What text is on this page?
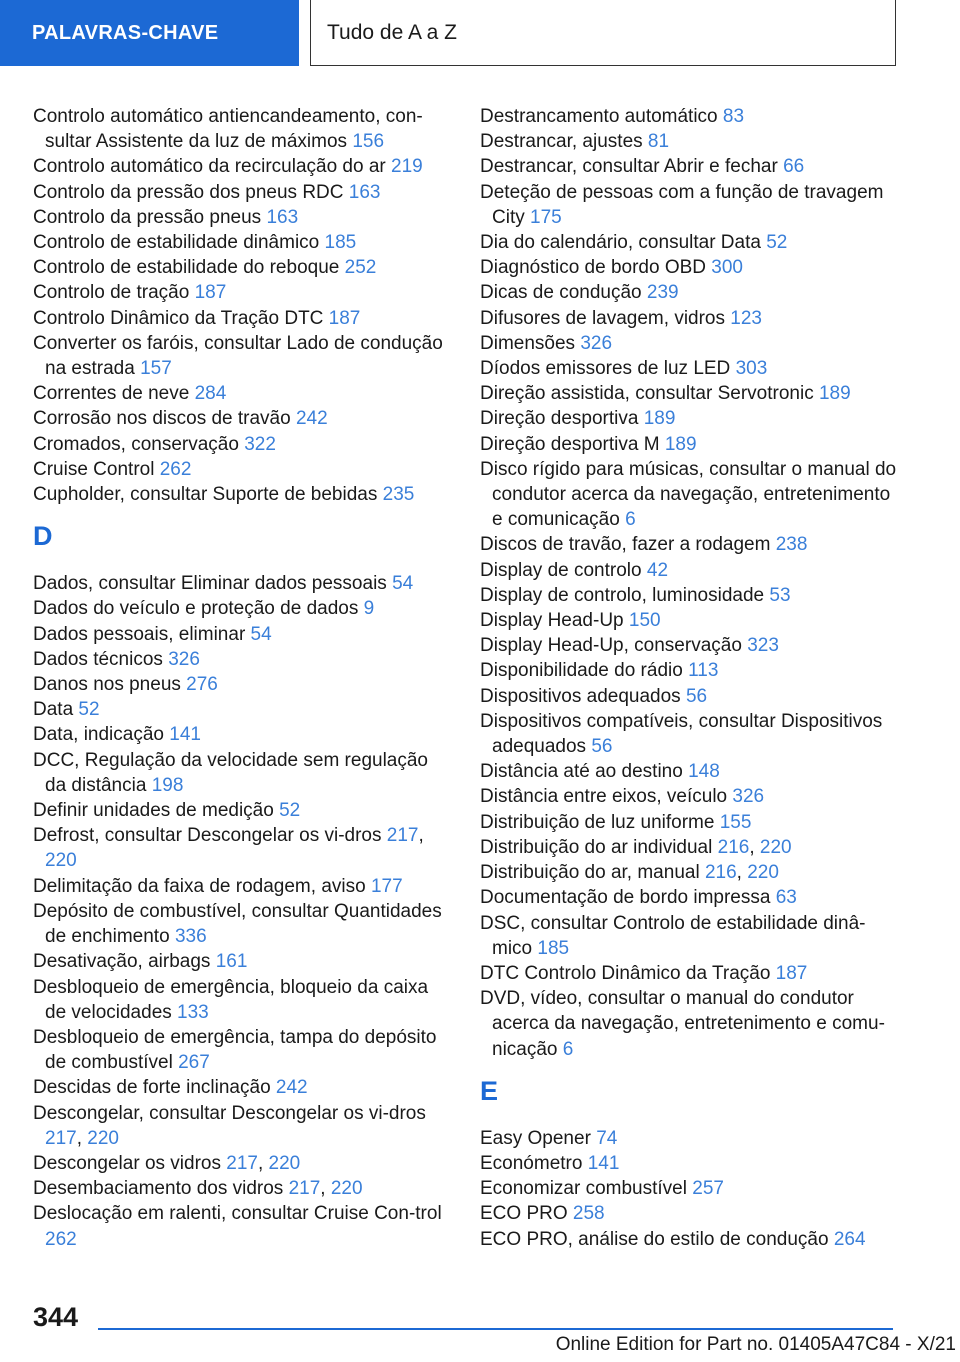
PALAVRAS-CHAVE	Tudo de A a Z

Controlo automático antiencandeamento, con-sultar Assistente da luz de máximos 156

Controlo automático da recirculação do ar 219

Controlo da pressão dos pneus RDC 163

Controlo da pressão pneus 163

Controlo de estabilidade dinâmico 185

Controlo de estabilidade do reboque 252

Controlo de tração 187

Controlo Dinâmico da Tração DTC 187

Converter os faróis, consultar Lado de condução na estrada 157

Correntes de neve 284

Corrosão nos discos de travão 242

Cromados, conservação 322

Cruise Control 262

Cupholder, consultar Suporte de bebidas 235

D

Dados, consultar Eliminar dados pessoais 54

Dados do veículo e proteção de dados 9

Dados pessoais, eliminar 54

Dados técnicos 326

Danos nos pneus 276

Data 52

Data, indicação 141

DCC, Regulação da velocidade sem regulação da distância 198

Definir unidades de medição 52

Defrost, consultar Descongelar os vi-dros 217, 220

Delimitação da faixa de rodagem, aviso 177

Depósito de combustível, consultar Quantidades de enchimento 336

Desativação, airbags 161

Desbloqueio de emergência, bloqueio da caixa de velocidades 133

Desbloqueio de emergência, tampa do depósito de combustível 267

Descidas de forte inclinação 242

Descongelar, consultar Descongelar os vi-dros 217, 220

Descongelar os vidros 217, 220

Desembaciamento dos vidros 217, 220

Deslocação em ralenti, consultar Cruise Con-trol 262

Destrancamento automático 83

Destrancar, ajustes 81

Destrancar, consultar Abrir e fechar 66

Deteção de pessoas com a função de travagem City 175

Dia do calendário, consultar Data 52

Diagnóstico de bordo OBD 300

Dicas de condução 239

Difusores de lavagem, vidros 123

Dimensões 326

Díodos emissores de luz LED 303

Direção assistida, consultar Servotronic 189

Direção desportiva 189

Direção desportiva M 189

Disco rígido para músicas, consultar o manual do condutor acerca da navegação, entretenimento e comunicação 6

Discos de travão, fazer a rodagem 238

Display de controlo 42

Display de controlo, luminosidade 53

Display Head-Up 150

Display Head-Up, conservação 323

Disponibilidade do rádio 113

Dispositivos adequados 56

Dispositivos compatíveis, consultar Dispositivos adequados 56

Distância até ao destino 148

Distância entre eixos, veículo 326

Distribuição de luz uniforme 155

Distribuição do ar individual 216, 220

Distribuição do ar, manual 216, 220

Documentação de bordo impressa 63

DSC, consultar Controlo de estabilidade dinâ-mico 185

DTC Controlo Dinâmico da Tração 187

DVD, vídeo, consultar o manual do condutor acerca da navegação, entretenimento e comu-nicação 6

E

Easy Opener 74

Económetro 141

Economizar combustível 257

ECO PRO 258

ECO PRO, análise do estilo de condução 264

344
Online Edition for Part no. 01405A47C84 - X/21
